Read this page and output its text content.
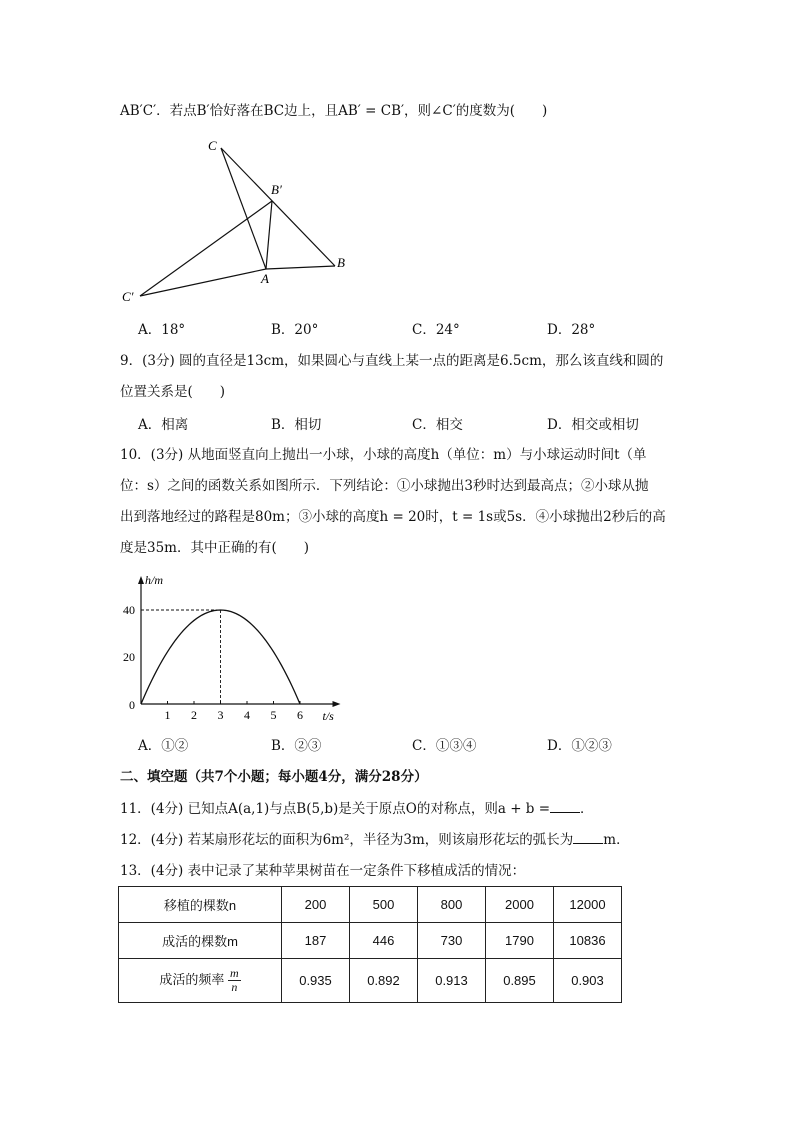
AB′C′．若点B′恰好落在BC边上，且AB′ = CB′，则∠C′的度数为(　　)
C
B′
B
A
C′
A．18°	B．20°	C．24°	D．28°
9．(3分) 圆的直径是13cm，如果圆心与直线上某一点的距离是6.5cm，那么该直线和圆的
位置关系是(　　)
A．相离	B．相切	C．相交	D．相交或相切
10．(3分) 从地面竖直向上抛出一小球，小球的高度h（单位：m）与小球运动时间t（单
位：s）之间的函数关系如图所示．下列结论：①小球抛出3秒时达到最高点；②小球从抛
出到落地经过的路程是80m；③小球的高度h = 20时，t = 1s或5s．④小球抛出2秒后的高
度是35m．其中正确的有(　　)
1 2 3 4 5 6
0
20
40
h/m
t/s
A．①②	B．②③	C．①③④	D．①②③
二、填空题（共7个小题；每小题4分，满分28分）
11．(4分) 已知点A(a,1)与点B(5,b)是关于原点O的对称点，则a + b = ．
12．(4分) 若某扇形花坛的面积为6m²，半径为3m，则该扇形花坛的弧长为 m．
13．(4分) 表中记录了某种苹果树苗在一定条件下移植成活的情况：
移植的棵数n	200	500	800	2000	12000
成活的棵数m	187	446	730	1790	10836
成活的频率 $\frac{m}{n}$	0.935	0.892	0.913	0.895	0.903
